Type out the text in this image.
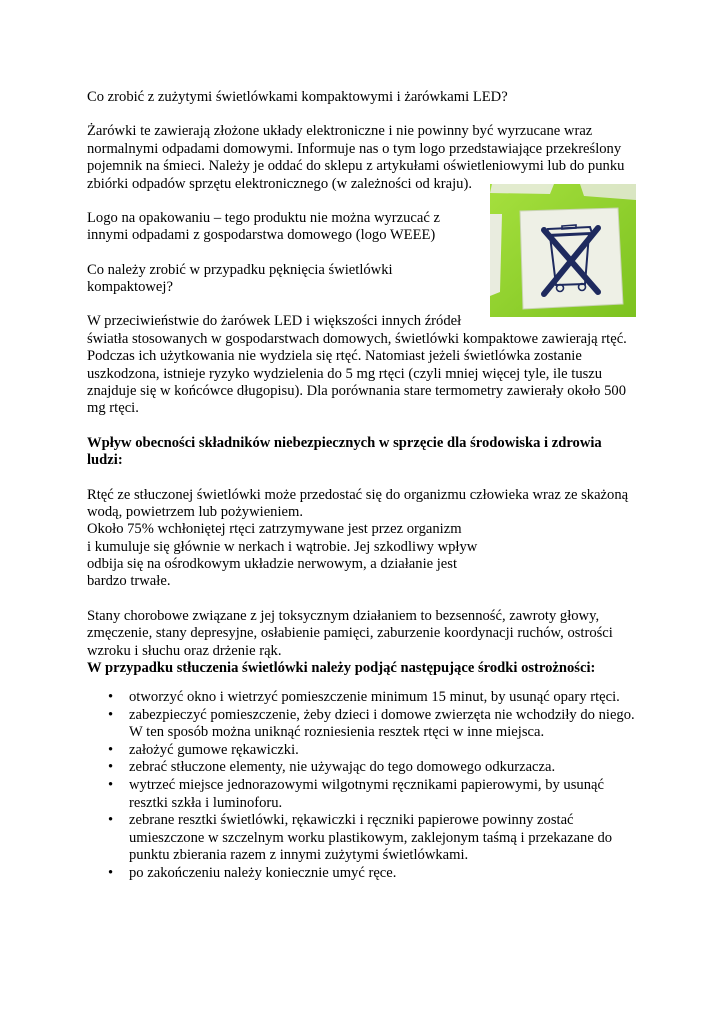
Co zrobić z zużytymi świetlówkami kompaktowymi i żarówkami LED?

Żarówki te zawierają złożone układy elektroniczne i nie powinny być wyrzucane wraz

normalnymi odpadami domowymi. Informuje nas o tym logo przedstawiające przekreślony

pojemnik na śmieci. Należy je oddać do sklepu z artykułami oświetleniowymi lub do punku

zbiórki odpadów sprzętu elektronicznego (w zależności od kraju).

Logo na opakowaniu – tego produktu nie można wyrzucać z

innymi odpadami z gospodarstwa domowego (logo WEEE)

Co należy zrobić w przypadku pęknięcia świetlówki

kompaktowej?

W przeciwieństwie do żarówek LED i większości innych źródeł

światła stosowanych w gospodarstwach domowych, świetlówki kompaktowe zawierają rtęć.

Podczas ich użytkowania nie wydziela się rtęć. Natomiast jeżeli świetlówka zostanie

uszkodzona, istnieje ryzyko wydzielenia do 5 mg rtęci (czyli mniej więcej tyle, ile tuszu

znajduje się w końcówce długopisu). Dla porównania stare termometry zawierały około 500

mg rtęci.

Wpływ obecności składników niebezpiecznych w sprzęcie dla środowiska i zdrowia

ludzi:

Rtęć ze stłuczonej świetlówki może przedostać się do organizmu człowieka wraz ze skażoną

wodą, powietrzem lub pożywieniem.

Około 75% wchłoniętej rtęci zatrzymywane jest przez organizm

i kumuluje się głównie w nerkach i wątrobie. Jej szkodliwy wpływ

odbija się na ośrodkowym układzie nerwowym, a działanie jest

bardzo trwałe.

Stany chorobowe związane z jej toksycznym działaniem to bezsenność, zawroty głowy,

zmęczenie, stany depresyjne, osłabienie pamięci, zaburzenie koordynacji ruchów, ostrości

wzroku i słuchu oraz drżenie rąk.

W przypadku stłuczenia świetlówki należy podjąć następujące środki ostrożności:

• otworzyć okno i wietrzyć pomieszczenie minimum 15 minut, by usunąć opary rtęci.
• zabezpieczyć pomieszczenie, żeby dzieci i domowe zwierzęta nie wchodziły do niego.
W ten sposób można uniknąć rozniesienia resztek rtęci w inne miejsca.
• założyć gumowe rękawiczki.
• zebrać stłuczone elementy, nie używając do tego domowego odkurzacza.
• wytrzeć miejsce jednorazowymi wilgotnymi ręcznikami papierowymi, by usunąć
resztki szkła i luminoforu.
• zebrane resztki świetlówki, rękawiczki i ręczniki papierowe powinny zostać
umieszczone w szczelnym worku plastikowym, zaklejonym taśmą i przekazane do
punktu zbierania razem z innymi zużytymi świetlówkami.
• po zakończeniu należy koniecznie umyć ręce.
